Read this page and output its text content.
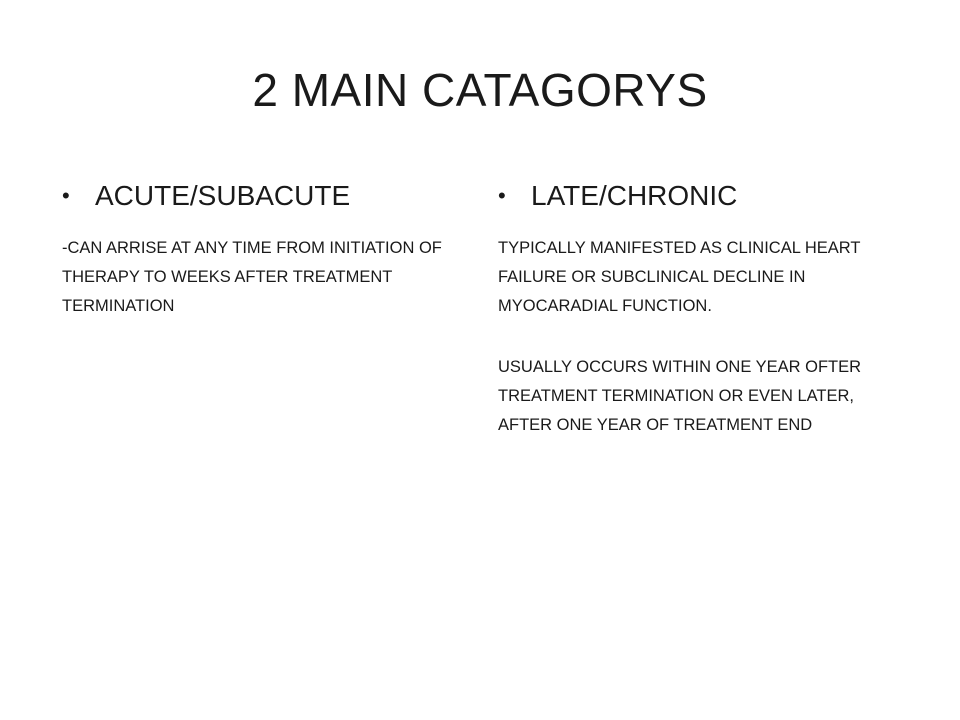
2 MAIN CATAGORYS
• ACUTE/SUBACUTE

-CAN ARRISE AT ANY TIME FROM INITIATION OF THERAPY TO WEEKS AFTER TREATMENT TERMINATION

• LATE/CHRONIC

TYPICALLY MANIFESTED AS CLINICAL HEART FAILURE OR SUBCLINICAL DECLINE IN MYOCARADIAL FUNCTION.

USUALLY OCCURS WITHIN ONE YEAR OFTER TREATMENT TERMINATION OR EVEN LATER, AFTER ONE YEAR OF TREATMENT END
